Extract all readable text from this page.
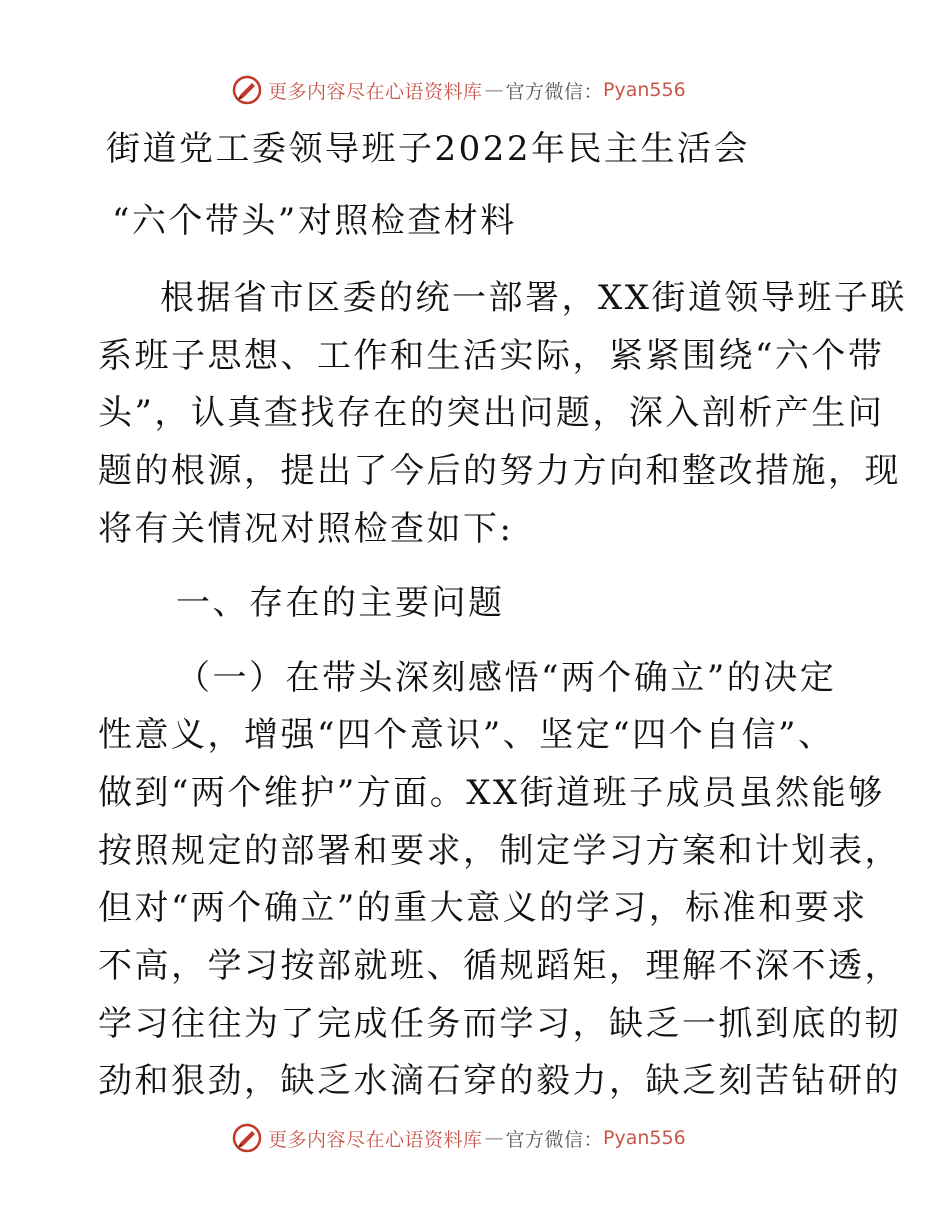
更多内容尽在心语资料库 — 官方微信： Pyan556
街道党工委领导班子2022年民主生活会
“六个带头”对照检查材料
根据省市区委的统一部署，XX街道领导班子联
系班子思想、工作和生活实际，紧紧围绕“六个带
头”，认真查找存在的突出问题，深入剖析产生问
题的根源，提出了今后的努力方向和整改措施，现
将有关情况对照检查如下:
一、存在的主要问题
（一）在带头深刻感悟“两个确立”的决定
性意义，增强“四个意识”、坚定“四个自信”、
做到“两个维护”方面。XX街道班子成员虽然能够
按照规定的部署和要求，制定学习方案和计划表，
但对“两个确立”的重大意义的学习，标准和要求
不高，学习按部就班、循规蹈矩，理解不深不透，
学习往往为了完成任务而学习，缺乏一抓到底的韧
劲和狠劲，缺乏水滴石穿的毅力，缺乏刻苦钻研的
更多内容尽在心语资料库 — 官方微信： Pyan556
